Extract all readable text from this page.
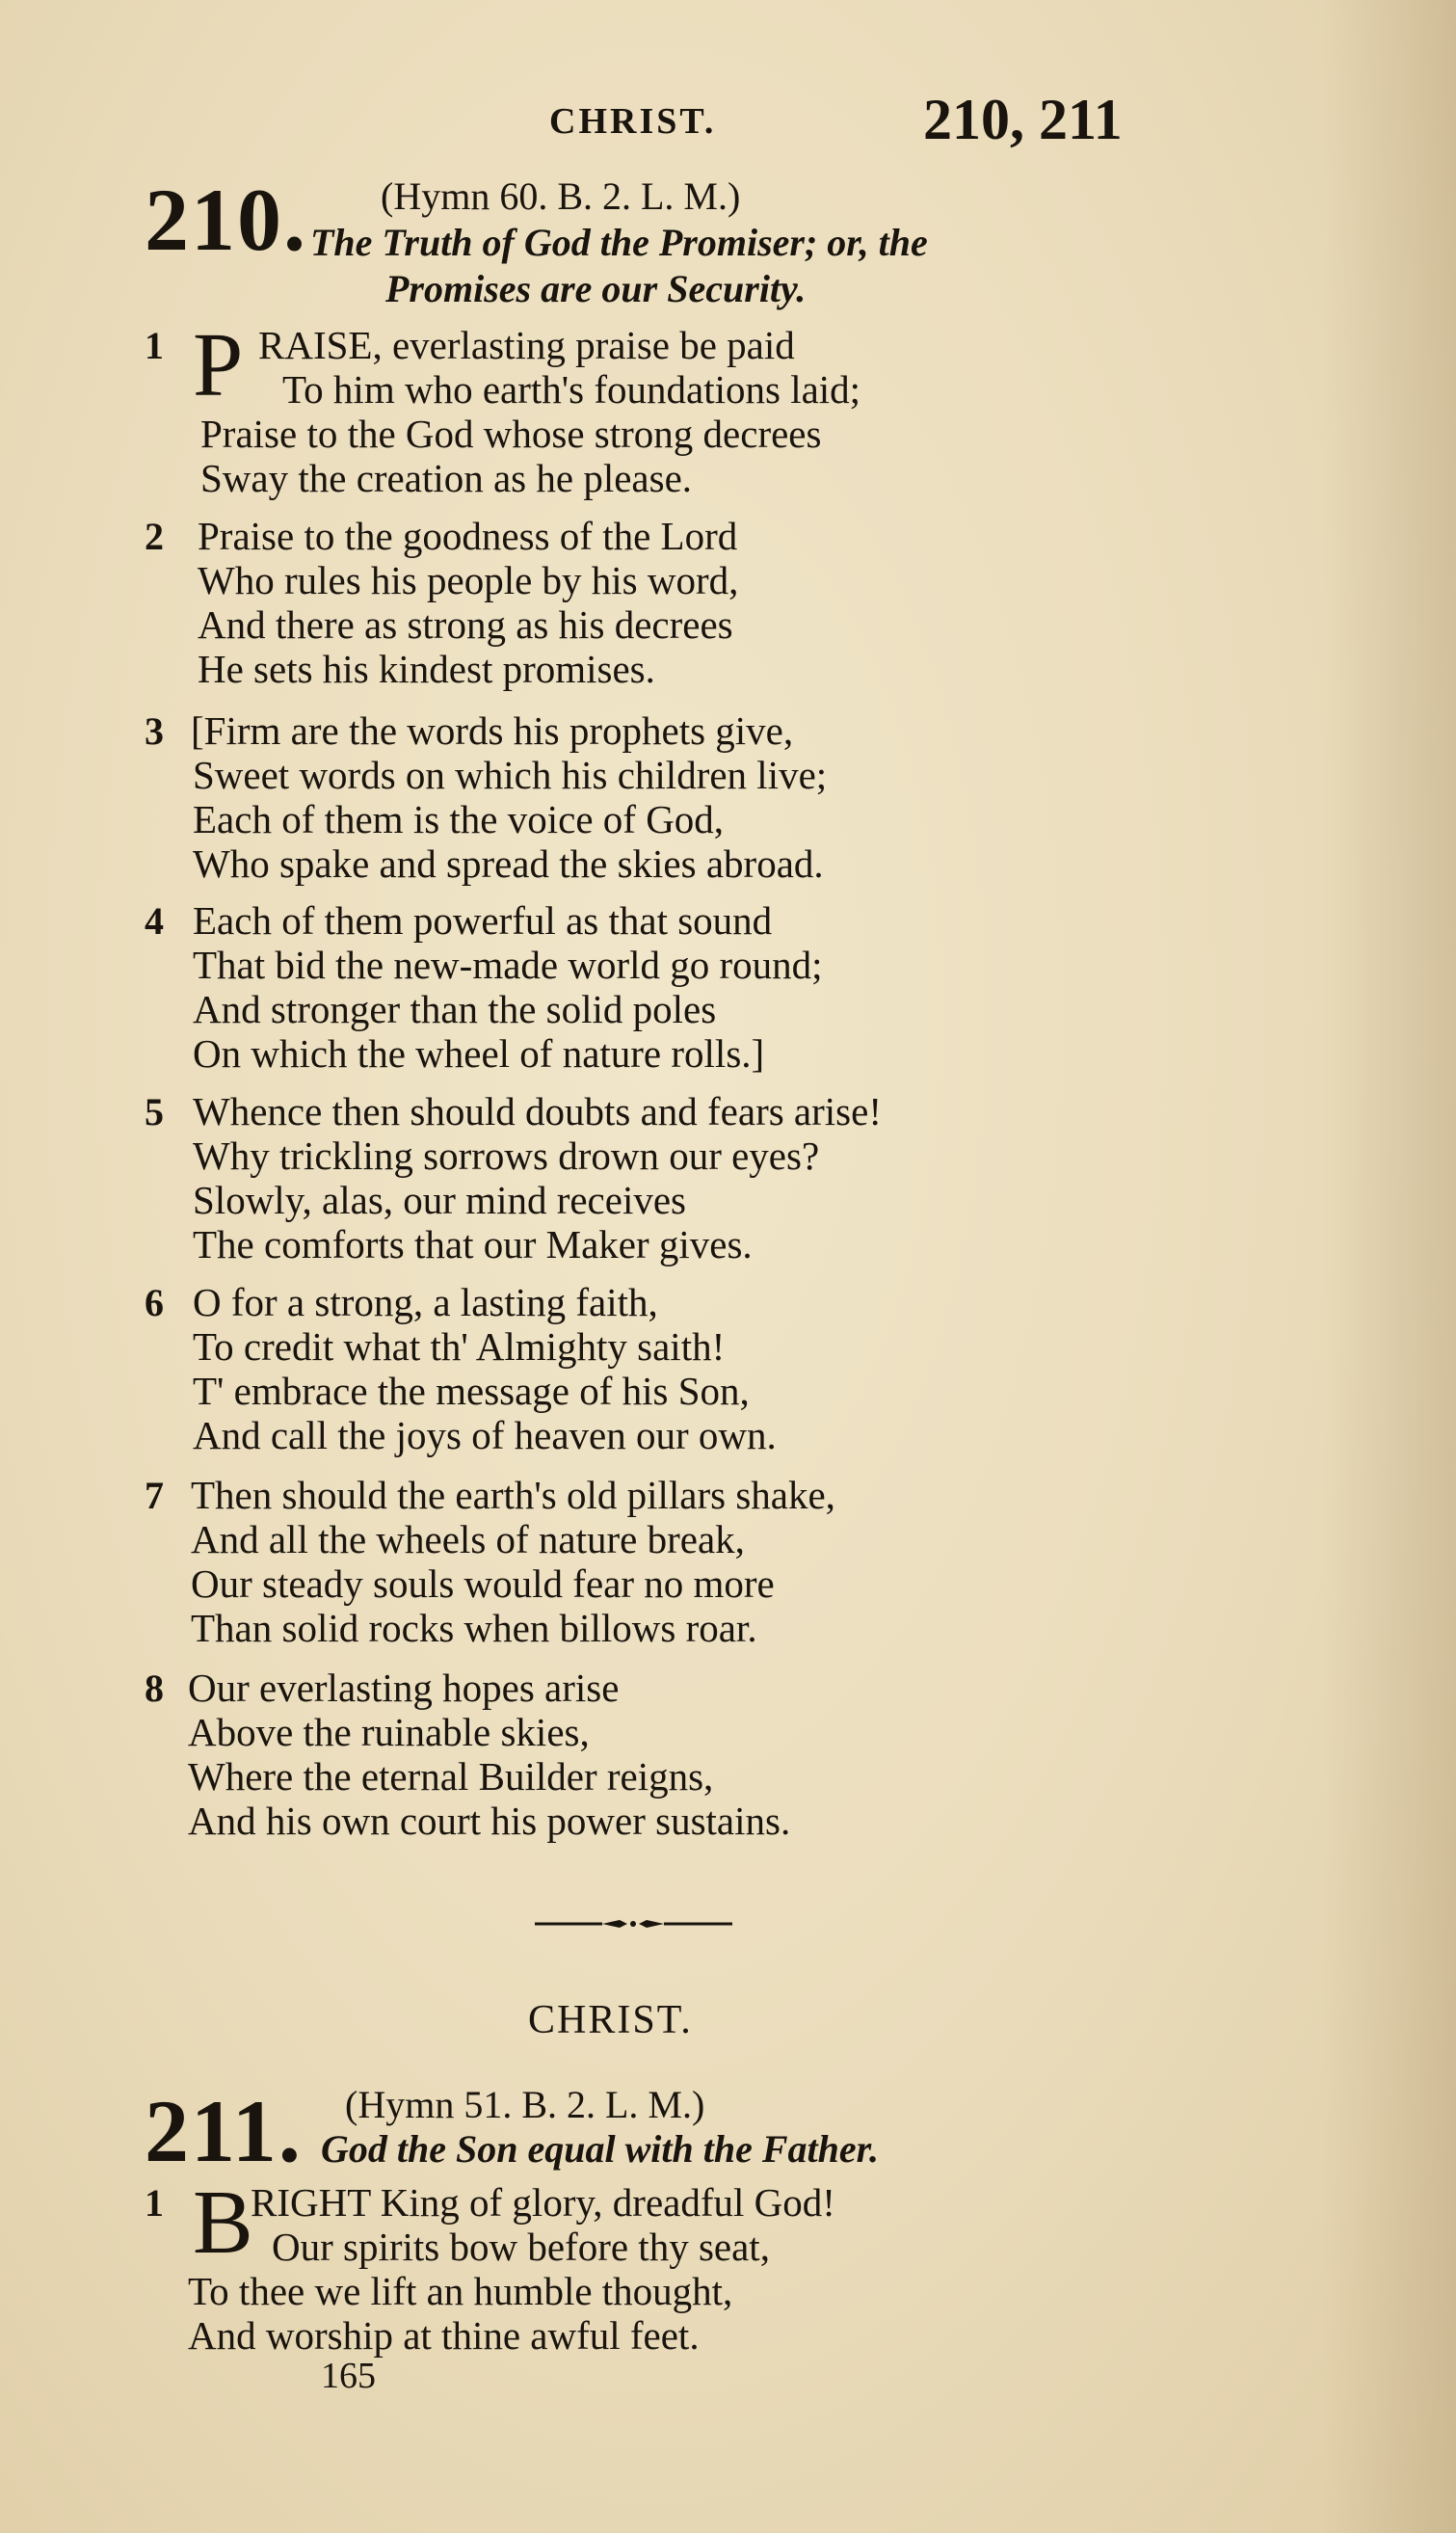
CHRIST.	210, 211
210. (Hymn 60. B. 2. L. M.)
The Truth of God the Promiser; or, the
Promises are our Security.
1 P RAISE, everlasting praise be paid
To him who earth's foundations laid;
Praise to the God whose strong decrees
Sway the creation as he please.
2 Praise to the goodness of the Lord
Who rules his people by his word,
And there as strong as his decrees
He sets his kindest promises.
3 [Firm are the words his prophets give,
Sweet words on which his children live;
Each of them is the voice of God,
Who spake and spread the skies abroad.
4 Each of them powerful as that sound
That bid the new-made world go round;
And stronger than the solid poles
On which the wheel of nature rolls.]
5 Whence then should doubts and fears arise!
Why trickling sorrows drown our eyes?
Slowly, alas, our mind receives
The comforts that our Maker gives.
6 O for a strong, a lasting faith,
To credit what th' Almighty saith!
T' embrace the message of his Son,
And call the joys of heaven our own.
7 Then should the earth's old pillars shake,
And all the wheels of nature break,
Our steady souls would fear no more
Than solid rocks when billows roar.
8 Our everlasting hopes arise
Above the ruinable skies,
Where the eternal Builder reigns,
And his own court his power sustains.
CHRIST.
211. (Hymn 51. B. 2. L. M.)
God the Son equal with the Father.
1 B
RIGHT King of glory, dreadful God!
Our spirits bow before thy seat,
To thee we lift an humble thought,
And worship at thine awful feet.
165
